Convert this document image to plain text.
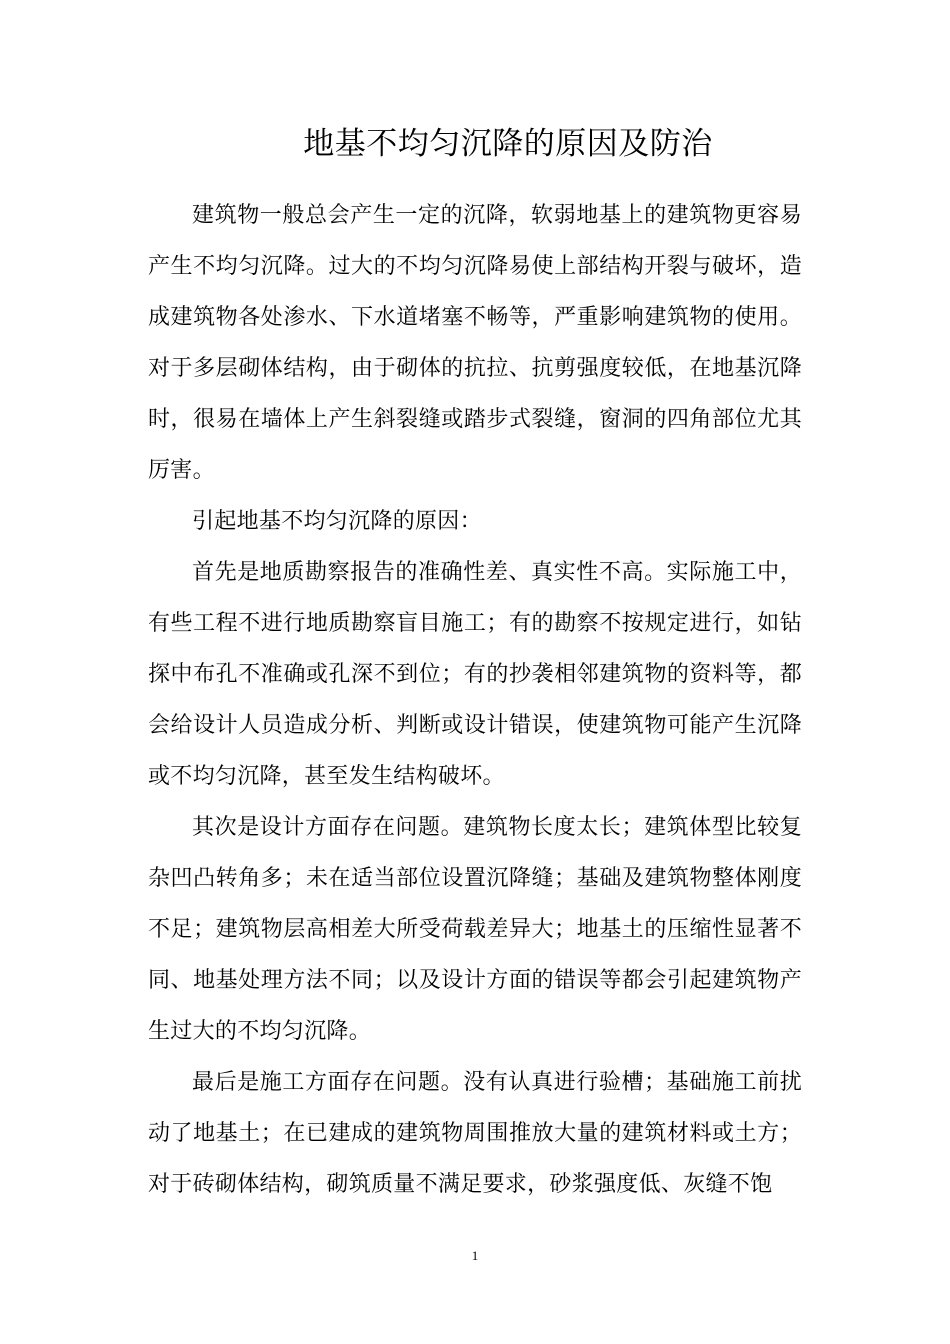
地基不均匀沉降的原因及防治

建筑物一般总会产生一定的沉降，软弱地基上的建筑物更容易产生不均匀沉降。过大的不均匀沉降易使上部结构开裂与破坏，造成建筑物各处渗水、下水道堵塞不畅等，严重影响建筑物的使用。对于多层砌体结构，由于砌体的抗拉、抗剪强度较低，在地基沉降时，很易在墙体上产生斜裂缝或踏步式裂缝，窗洞的四角部位尤其厉害。

引起地基不均匀沉降的原因：

首先是地质勘察报告的准确性差、真实性不高。实际施工中，有些工程不进行地质勘察盲目施工；有的勘察不按规定进行，如钻探中布孔不准确或孔深不到位；有的抄袭相邻建筑物的资料等，都会给设计人员造成分析、判断或设计错误，使建筑物可能产生沉降或不均匀沉降，甚至发生结构破坏。

其次是设计方面存在问题。建筑物长度太长；建筑体型比较复杂凹凸转角多；未在适当部位设置沉降缝；基础及建筑物整体刚度不足；建筑物层高相差大所受荷载差异大；地基土的压缩性显著不同、地基处理方法不同；以及设计方面的错误等都会引起建筑物产生过大的不均匀沉降。

最后是施工方面存在问题。没有认真进行验槽；基础施工前扰动了地基土；在已建成的建筑物周围推放大量的建筑材料或土方；对于砖砌体结构，砌筑质量不满足要求，砂浆强度低、灰缝不饱

1
